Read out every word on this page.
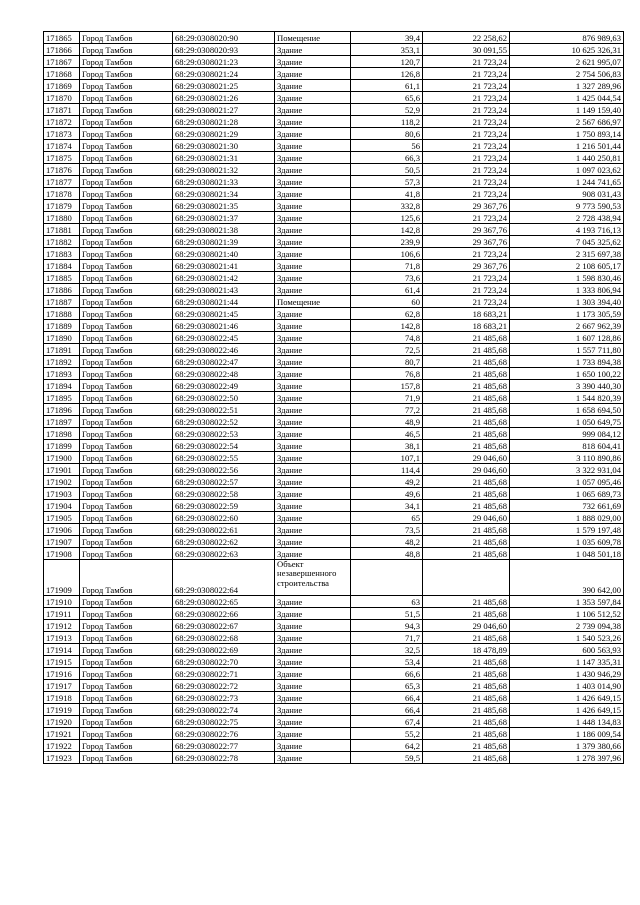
171865	Город Тамбов	68:29:0308020:90	Помещение	39,4	22 258,62	876 989,63
171866	Город Тамбов	68:29:0308020:93	Здание	353,1	30 091,55	10 625 326,31
171867	Город Тамбов	68:29:0308021:23	Здание	120,7	21 723,24	2 621 995,07
171868	Город Тамбов	68:29:0308021:24	Здание	126,8	21 723,24	2 754 506,83
171869	Город Тамбов	68:29:0308021:25	Здание	61,1	21 723,24	1 327 289,96
171870	Город Тамбов	68:29:0308021:26	Здание	65,6	21 723,24	1 425 044,54
171871	Город Тамбов	68:29:0308021:27	Здание	52,9	21 723,24	1 149 159,40
171872	Город Тамбов	68:29:0308021:28	Здание	118,2	21 723,24	2 567 686,97
171873	Город Тамбов	68:29:0308021:29	Здание	80,6	21 723,24	1 750 893,14
171874	Город Тамбов	68:29:0308021:30	Здание	56	21 723,24	1 216 501,44
171875	Город Тамбов	68:29:0308021:31	Здание	66,3	21 723,24	1 440 250,81
171876	Город Тамбов	68:29:0308021:32	Здание	50,5	21 723,24	1 097 023,62
171877	Город Тамбов	68:29:0308021:33	Здание	57,3	21 723,24	1 244 741,65
171878	Город Тамбов	68:29:0308021:34	Здание	41,8	21 723,24	908 031,43
171879	Город Тамбов	68:29:0308021:35	Здание	332,8	29 367,76	9 773 590,53
171880	Город Тамбов	68:29:0308021:37	Здание	125,6	21 723,24	2 728 438,94
171881	Город Тамбов	68:29:0308021:38	Здание	142,8	29 367,76	4 193 716,13
171882	Город Тамбов	68:29:0308021:39	Здание	239,9	29 367,76	7 045 325,62
171883	Город Тамбов	68:29:0308021:40	Здание	106,6	21 723,24	2 315 697,38
171884	Город Тамбов	68:29:0308021:41	Здание	71,8	29 367,76	2 108 605,17
171885	Город Тамбов	68:29:0308021:42	Здание	73,6	21 723,24	1 598 830,46
171886	Город Тамбов	68:29:0308021:43	Здание	61,4	21 723,24	1 333 806,94
171887	Город Тамбов	68:29:0308021:44	Помещение	60	21 723,24	1 303 394,40
171888	Город Тамбов	68:29:0308021:45	Здание	62,8	18 683,21	1 173 305,59
171889	Город Тамбов	68:29:0308021:46	Здание	142,8	18 683,21	2 667 962,39
171890	Город Тамбов	68:29:0308022:45	Здание	74,8	21 485,68	1 607 128,86
171891	Город Тамбов	68:29:0308022:46	Здание	72,5	21 485,68	1 557 711,80
171892	Город Тамбов	68:29:0308022:47	Здание	80,7	21 485,68	1 733 894,38
171893	Город Тамбов	68:29:0308022:48	Здание	76,8	21 485,68	1 650 100,22
171894	Город Тамбов	68:29:0308022:49	Здание	157,8	21 485,68	3 390 440,30
171895	Город Тамбов	68:29:0308022:50	Здание	71,9	21 485,68	1 544 820,39
171896	Город Тамбов	68:29:0308022:51	Здание	77,2	21 485,68	1 658 694,50
171897	Город Тамбов	68:29:0308022:52	Здание	48,9	21 485,68	1 050 649,75
171898	Город Тамбов	68:29:0308022:53	Здание	46,5	21 485,68	999 084,12
171899	Город Тамбов	68:29:0308022:54	Здание	38,1	21 485,68	818 604,41
171900	Город Тамбов	68:29:0308022:55	Здание	107,1	29 046,60	3 110 890,86
171901	Город Тамбов	68:29:0308022:56	Здание	114,4	29 046,60	3 322 931,04
171902	Город Тамбов	68:29:0308022:57	Здание	49,2	21 485,68	1 057 095,46
171903	Город Тамбов	68:29:0308022:58	Здание	49,6	21 485,68	1 065 689,73
171904	Город Тамбов	68:29:0308022:59	Здание	34,1	21 485,68	732 661,69
171905	Город Тамбов	68:29:0308022:60	Здание	65	29 046,60	1 888 029,00
171906	Город Тамбов	68:29:0308022:61	Здание	73,5	21 485,68	1 579 197,48
171907	Город Тамбов	68:29:0308022:62	Здание	48,2	21 485,68	1 035 609,78
171908	Город Тамбов	68:29:0308022:63	Здание	48,8	21 485,68	1 048 501,18
171909	Город Тамбов	68:29:0308022:64	Объект незавершенного строительства			390 642,00
171910	Город Тамбов	68:29:0308022:65	Здание	63	21 485,68	1 353 597,84
171911	Город Тамбов	68:29:0308022:66	Здание	51,5	21 485,68	1 106 512,52
171912	Город Тамбов	68:29:0308022:67	Здание	94,3	29 046,60	2 739 094,38
171913	Город Тамбов	68:29:0308022:68	Здание	71,7	21 485,68	1 540 523,26
171914	Город Тамбов	68:29:0308022:69	Здание	32,5	18 478,89	600 563,93
171915	Город Тамбов	68:29:0308022:70	Здание	53,4	21 485,68	1 147 335,31
171916	Город Тамбов	68:29:0308022:71	Здание	66,6	21 485,68	1 430 946,29
171917	Город Тамбов	68:29:0308022:72	Здание	65,3	21 485,68	1 403 014,90
171918	Город Тамбов	68:29:0308022:73	Здание	66,4	21 485,68	1 426 649,15
171919	Город Тамбов	68:29:0308022:74	Здание	66,4	21 485,68	1 426 649,15
171920	Город Тамбов	68:29:0308022:75	Здание	67,4	21 485,68	1 448 134,83
171921	Город Тамбов	68:29:0308022:76	Здание	55,2	21 485,68	1 186 009,54
171922	Город Тамбов	68:29:0308022:77	Здание	64,2	21 485,68	1 379 380,66
171923	Город Тамбов	68:29:0308022:78	Здание	59,5	21 485,68	1 278 397,96
